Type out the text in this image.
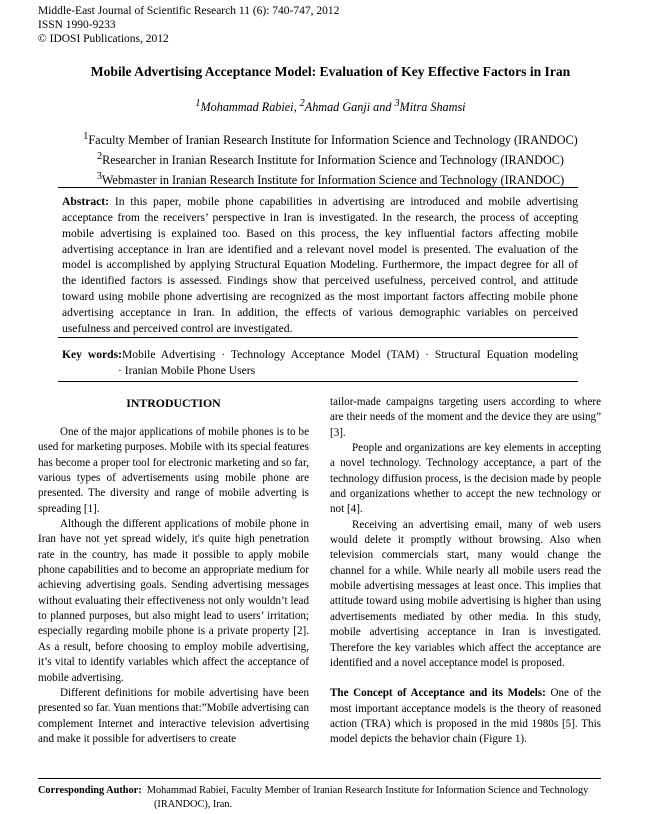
Middle-East Journal of Scientific Research 11 (6): 740-747, 2012
ISSN 1990-9233
© IDOSI Publications, 2012
Mobile Advertising Acceptance Model: Evaluation of Key Effective Factors in Iran
$^1$Mohammad Rabiei, $^2$Ahmad Ganji and $^3$Mitra Shamsi
$^1$Faculty Member of Iranian Research Institute for Information Science and Technology (IRANDOC)
$^2$Researcher in Iranian Research Institute for Information Science and Technology (IRANDOC)
$^3$Webmaster in Iranian Research Institute for Information Science and Technology (IRANDOC)
Abstract: In this paper, mobile phone capabilities in advertising are introduced and mobile advertising acceptance from the receivers’ perspective in Iran is investigated. In the research, the process of accepting mobile advertising is explained too. Based on this process, the key influential factors affecting mobile advertising acceptance in Iran are identified and a relevant novel model is presented. The evaluation of the model is accomplished by applying Structural Equation Modeling. Furthermore, the impact degree for all of the identified factors is assessed. Findings show that perceived usefulness, perceived control, and attitude toward using mobile phone advertising are recognized as the most important factors affecting mobile phone advertising acceptance in Iran. In addition, the effects of various demographic variables on perceived usefulness and perceived control are investigated.
Key words:Mobile Advertising · Technology Acceptance Model (TAM) · Structural Equation modeling
· Iranian Mobile Phone Users
INTRODUCTION

One of the major applications of mobile phones is to be used for marketing purposes. Mobile with its special features has become a proper tool for electronic marketing and so far, various types of advertisements using mobile phone are presented. The diversity and range of mobile adverting is spreading [1].

Although the different applications of mobile phone in Iran have not yet spread widely, it's quite high penetration rate in the country, has made it possible to apply mobile phone capabilities and to become an appropriate medium for achieving advertising goals. Sending advertising messages without evaluating their effectiveness not only wouldn’t lead to planned purposes, but also might lead to users’ irritation; especially regarding mobile phone is a private property [2]. As a result, before choosing to employ mobile advertising, it’s vital to identify variables which affect the acceptance of mobile advertising.

Different definitions for mobile advertising have been presented so far. Yuan mentions that:”Mobile advertising can complement Internet and interactive television advertising and make it possible for advertisers to create

tailor-made campaigns targeting users according to where are their needs of the moment and the device they are using” [3].

People and organizations are key elements in accepting a novel technology. Technology acceptance, a part of the technology diffusion process, is the decision made by people and organizations whether to accept the new technology or not [4].

Receiving an advertising email, many of web users would delete it promptly without browsing. Also when television commercials start, many would change the channel for a while. While nearly all mobile users read the mobile advertising messages at least once. This implies that attitude toward using mobile advertising is higher than using advertisements mediated by other media. In this study, mobile advertising acceptance in Iran is investigated. Therefore the key variables which affect the acceptance are identified and a novel acceptance model is proposed.

The Concept of Acceptance and its Models: One of the most important acceptance models is the theory of reasoned action (TRA) which is proposed in the mid 1980s [5]. This model depicts the behavior chain (Figure 1).

Corresponding Author: Mohammad Rabiei, Faculty Member of Iranian Research Institute for Information Science and Technology
(IRANDOC), Iran.
